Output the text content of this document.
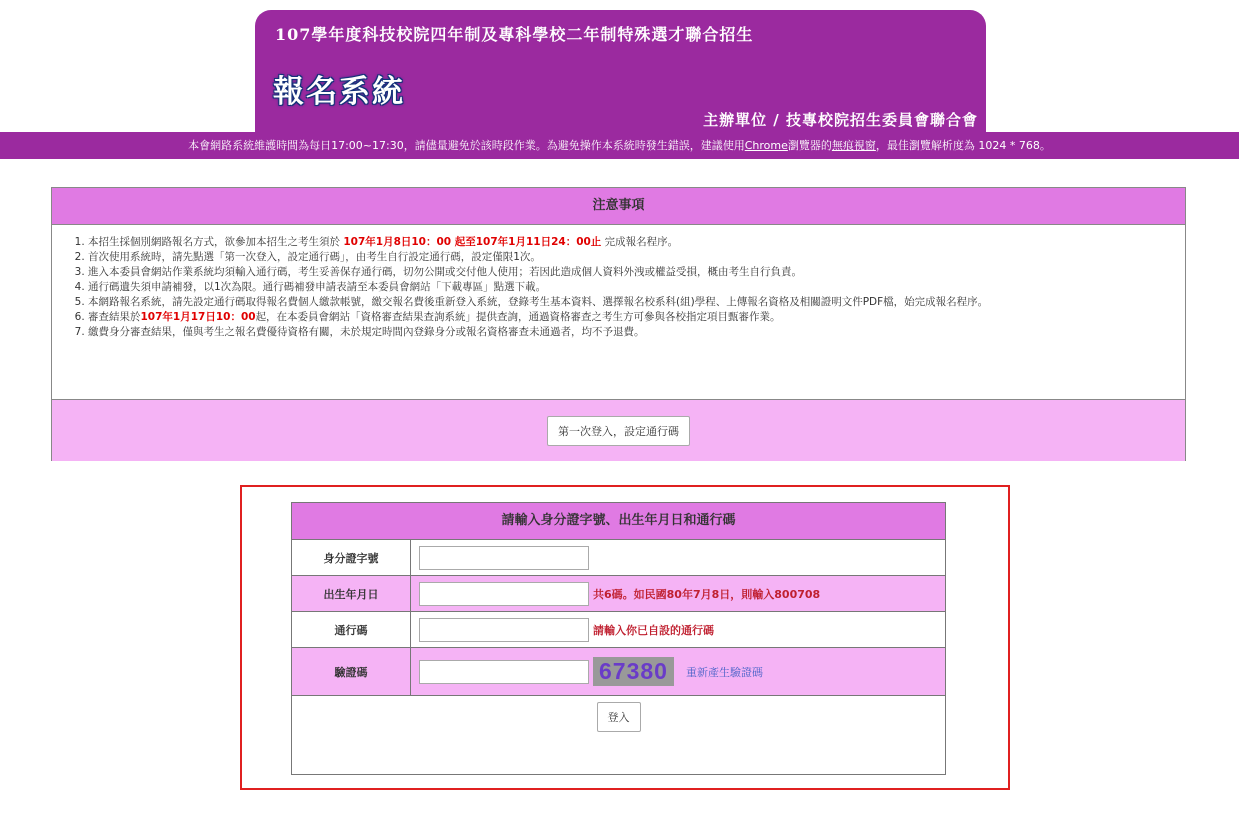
107學年度科技校院四年制及專科學校二年制特殊選才聯合招生
報名系統
主辦單位 / 技專校院招生委員會聯合會
本會網路系統維護時間為每日17:00~17:30，請儘量避免於該時段作業。為避免操作本系統時發生錯誤，建議使用Chrome瀏覽器的無痕視窗，最佳瀏覽解析度為 1024 * 768。
注意事項
1. 本招生採個別網路報名方式，欲參加本招生之考生須於 107年1月8日10：00 起至107年1月11日24：00止 完成報名程序。
2. 首次使用系統時，請先點選「第一次登入，設定通行碼」，由考生自行設定通行碼，設定僅限1次。
3. 進入本委員會網站作業系統均須輸入通行碼，考生妥善保存通行碼，切勿公開或交付他人使用；若因此造成個人資料外洩或權益受損，概由考生自行負責。
4. 通行碼遺失須申請補發，以1次為限。通行碼補發申請表請至本委員會網站「下載專區」點選下載。
5. 本網路報名系統，請先設定通行碼取得報名費個人繳款帳號，繳交報名費後重新登入系統，登錄考生基本資料、選擇報名校系科(組)學程、上傳報名資格及相關證明文件PDF檔，始完成報名程序。
6. 審查結果於107年1月17日10：00起，在本委員會網站「資格審查結果查詢系統」提供查詢，通過資格審查之考生方可參與各校指定項目甄審作業。
7. 繳費身分審查結果，僅與考生之報名費優待資格有關，未於規定時間內登錄身分或報名資格審查未通過者，均不予退費。
第一次登入，設定通行碼
請輸入身分證字號、出生年月日和通行碼
身分證字號
出生年月日	共6碼。如民國80年7月8日，則輸入800708
通行碼	請輸入你已自設的通行碼
驗證碼	67380	重新產生驗證碼
登入
